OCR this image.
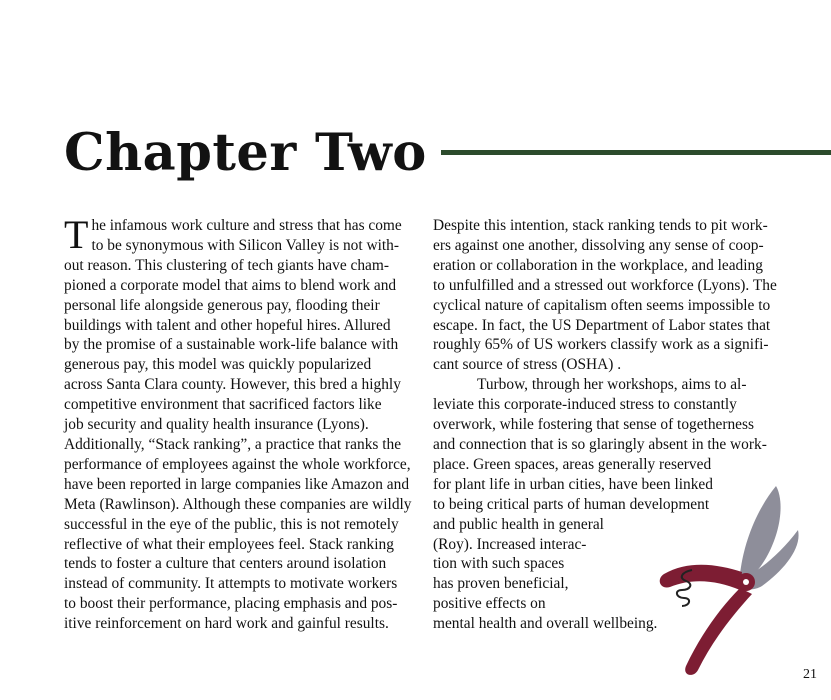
Chapter Two

T he infamous work culture and stress that has come
to be synonymous with Silicon Valley is not with-
out reason. This clustering of tech giants have cham-
pioned a corporate model that aims to blend work and
personal life alongside generous pay, flooding their
buildings with talent and other hopeful hires. Allured
by the promise of a sustainable work-life balance with
generous pay, this model was quickly popularized
across Santa Clara county. However, this bred a highly
competitive environment that sacrificed factors like
job security and quality health insurance (Lyons).
Additionally, “Stack ranking”, a practice that ranks the
performance of employees against the whole workforce,
have been reported in large companies like Amazon and
Meta (Rawlinson). Although these companies are wildly
successful in the eye of the public, this is not remotely
reflective of what their employees feel. Stack ranking
tends to foster a culture that centers around isolation
instead of community. It attempts to motivate workers
to boost their performance, placing emphasis and pos-
itive reinforcement on hard work and gainful results.

Despite this intention, stack ranking tends to pit work-
ers against one another, dissolving any sense of coop-
eration or collaboration in the workplace, and leading
to unfulfilled and a stressed out workforce (Lyons). The
cyclical nature of capitalism often seems impossible to
escape. In fact, the US Department of Labor states that
roughly 65% of US workers classify work as a signifi-
cant source of stress (OSHA) .

Turbow, through her workshops, aims to al-
leviate this corporate-induced stress to constantly
overwork, while fostering that sense of togetherness
and connection that is so glaringly absent in the work-
place. Green spaces, areas generally reserved
for plant life in urban cities, have been linked
to being critical parts of human development
and public health in general
(Roy). Increased interac-
tion with such spaces
has proven beneficial,
positive effects on
mental health and overall wellbeing.

21
